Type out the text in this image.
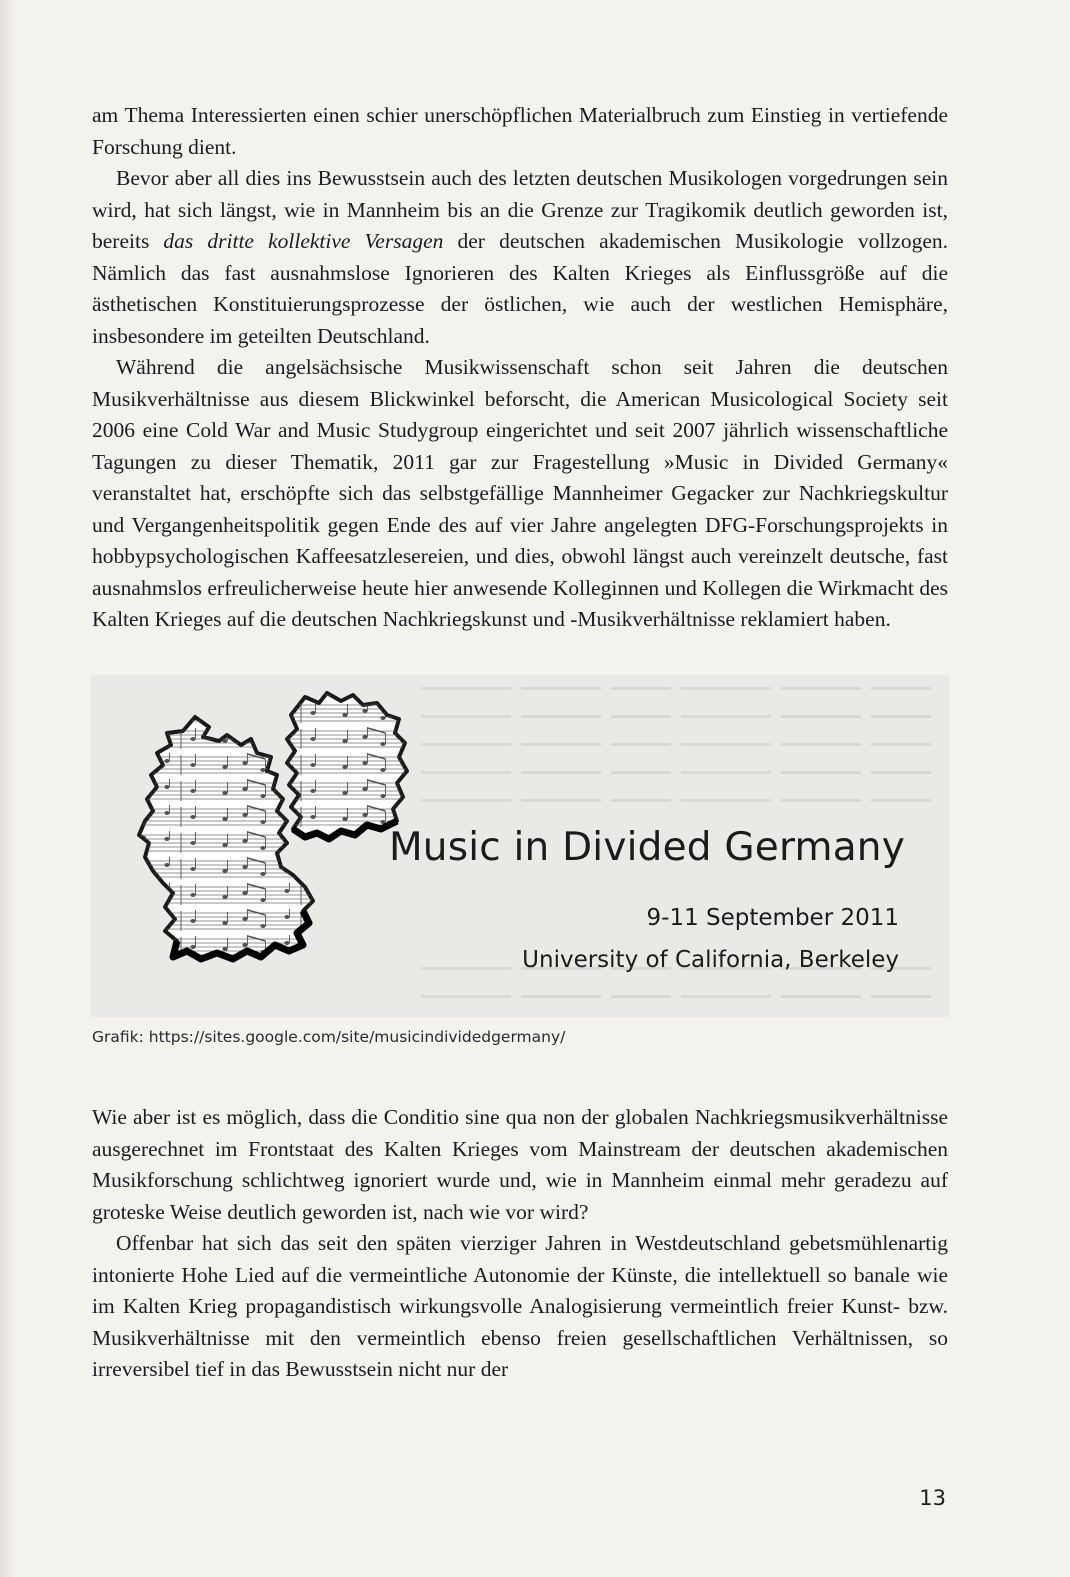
am Thema Interessierten einen schier unerschöpflichen Materialbruch zum Einstieg in vertiefende Forschung dient.

Bevor aber all dies ins Bewusstsein auch des letzten deutschen Musikologen vorgedrungen sein wird, hat sich längst, wie in Mannheim bis an die Grenze zur Tragikomik deutlich geworden ist, bereits das dritte kollektive Versagen der deutschen akademischen Musikologie vollzogen. Nämlich das fast ausnahmslose Ignorieren des Kalten Krieges als Einflussgröße auf die ästhetischen Konstituierungsprozesse der östlichen, wie auch der westlichen Hemisphäre, insbesondere im geteilten Deutschland.

Während die angelsächsische Musikwissenschaft schon seit Jahren die deutschen Musikverhältnisse aus diesem Blickwinkel beforscht, die American Musicological Society seit 2006 eine Cold War and Music Studygroup eingerichtet und seit 2007 jährlich wissenschaftliche Tagungen zu dieser Thematik, 2011 gar zur Fragestellung »Music in Divided Germany« veranstaltet hat, erschöpfte sich das selbstgefällige Mannheimer Gegacker zur Nachkriegskultur und Vergangenheitspolitik gegen Ende des auf vier Jahre angelegten DFG-Forschungsprojekts in hobbypsychologischen Kaffeesatzlesereien, und dies, obwohl längst auch vereinzelt deutsche, fast ausnahmslos erfreulicherweise heute hier anwesende Kolleginnen und Kollegen die Wirkmacht des Kalten Krieges auf die deutschen Nachkriegskunst und -Musikverhältnisse reklamiert haben.

Music in Divided Germany
9-11 September 2011
University of California, Berkeley
Grafik: https://sites.google.com/site/musicindividedgermany/

Wie aber ist es möglich, dass die Conditio sine qua non der globalen Nachkriegsmusikverhältnisse ausgerechnet im Frontstaat des Kalten Krieges vom Mainstream der deutschen akademischen Musikforschung schlichtweg ignoriert wurde und, wie in Mannheim einmal mehr geradezu auf groteske Weise deutlich geworden ist, nach wie vor wird?

Offenbar hat sich das seit den späten vierziger Jahren in Westdeutschland gebetsmühlenartig intonierte Hohe Lied auf die vermeintliche Autonomie der Künste, die intellektuell so banale wie im Kalten Krieg propagandistisch wirkungsvolle Analogisierung vermeintlich freier Kunst- bzw. Musikverhältnisse mit den vermeintlich ebenso freien gesellschaftlichen Verhältnissen, so irreversibel tief in das Bewusstsein nicht nur der

13
